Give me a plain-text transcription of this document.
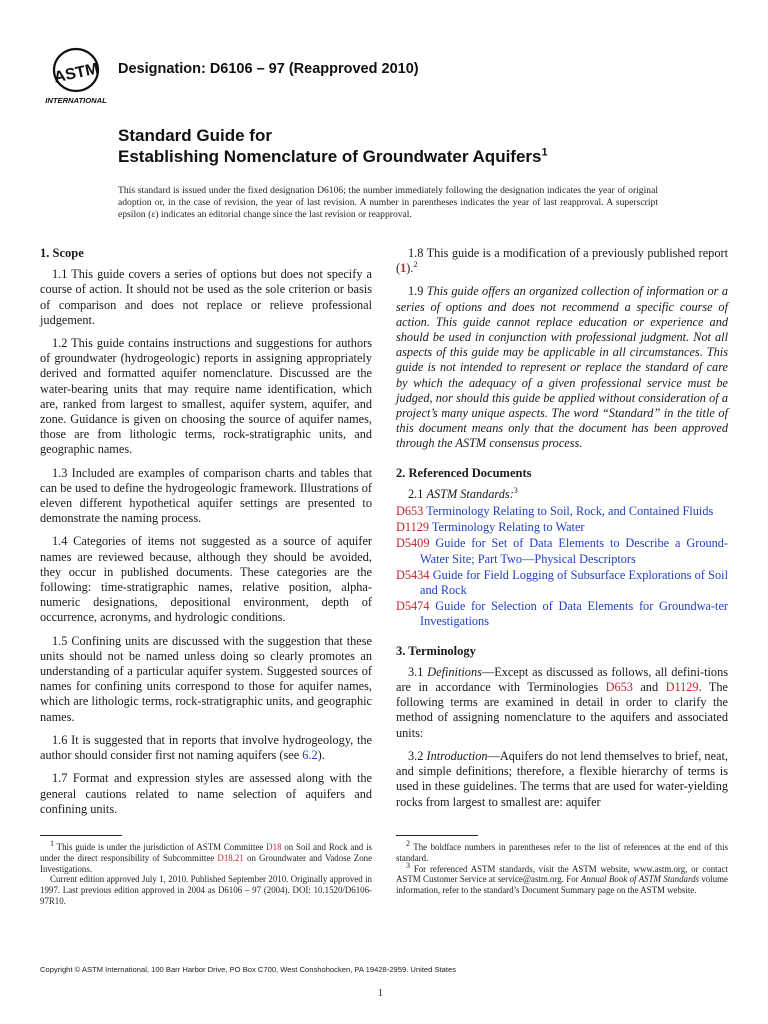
ASTM
INTERNATIONAL
Designation: D6106 – 97 (Reapproved 2010)
Standard Guide for
Establishing Nomenclature of Groundwater Aquifers$^1$
This standard is issued under the fixed designation D6106; the number immediately following the designation indicates the year of original adoption or, in the case of revision, the year of last revision. A number in parentheses indicates the year of last reapproval. A superscript epsilon (ε) indicates an editorial change since the last revision or reapproval.
1. Scope

1.1 This guide covers a series of options but does not specify a course of action. It should not be used as the sole criterion or basis of comparison and does not replace or relieve professional judgement.

1.2 This guide contains instructions and suggestions for authors of groundwater (hydrogeologic) reports in assigning appropriately derived and formatted aquifer nomenclature. Discussed are the water-bearing units that may require name identification, which are, ranked from largest to smallest, aquifer system, aquifer, and zone. Guidance is given on choosing the source of aquifer names, those are from lithologic terms, rock-stratigraphic units, and geographic names.

1.3 Included are examples of comparison charts and tables that can be used to define the hydrogeologic framework. Illustrations of eleven different hypothetical aquifer settings are presented to demonstrate the naming process.

1.4 Categories of items not suggested as a source of aquifer names are reviewed because, although they should be avoided, they occur in published documents. These categories are the following: time-stratigraphic names, relative position, alpha-numeric designations, depositional environment, depth of occurrence, acronyms, and hydrologic conditions.

1.5 Confining units are discussed with the suggestion that these units should not be named unless doing so clearly promotes an understanding of a particular aquifer system. Suggested sources of names for confining units correspond to those for aquifer names, which are lithologic terms, rock-stratigraphic units, and geographic names.

1.6 It is suggested that in reports that involve hydrogeology, the author should consider first not naming aquifers (see 6.2).

1.7 Format and expression styles are assessed along with the general cautions related to name selection of aquifers and confining units.

1.8 This guide is a modification of a previously published report (1).$^2$

1.9 This guide offers an organized collection of information or a series of options and does not recommend a specific course of action. This guide cannot replace education or experience and should be used in conjunction with professional judgment. Not all aspects of this guide may be applicable in all circumstances. This guide is not intended to represent or replace the standard of care by which the adequacy of a given professional service must be judged, nor should this guide be applied without consideration of a project’s many unique aspects. The word “Standard” in the title of this document means only that the document has been approved through the ASTM consensus process.

2. Referenced Documents

2.1 ASTM Standards:$^3$

D653 Terminology Relating to Soil, Rock, and Contained Fluids
D1129 Terminology Relating to Water
D5409 Guide for Set of Data Elements to Describe a Ground-Water Site; Part Two—Physical Descriptors
D5434 Guide for Field Logging of Subsurface Explorations of Soil and Rock
D5474 Guide for Selection of Data Elements for Groundwa-ter Investigations
3. Terminology

3.1 Definitions—Except as discussed as follows, all defini-tions are in accordance with Terminologies D653 and D1129. The following terms are examined in detail in order to clarify the method of assigning nomenclature to the aquifers and associated units:

3.2 Introduction—Aquifers do not lend themselves to brief, neat, and simple definitions; therefore, a flexible hierarchy of terms is used in these guidelines. The terms that are used for water-yielding rocks from largest to smallest are: aquifer

$^1$ This guide is under the jurisdiction of ASTM Committee D18 on Soil and Rock and is under the direct responsibility of Subcommittee D18.21 on Groundwater and Vadose Zone Investigations.

Current edition approved July 1, 2010. Published September 2010. Originally approved in 1997. Last previous edition approved in 2004 as D6106 – 97 (2004). DOI: 10.1520/D6106-97R10.

$^2$ The boldface numbers in parentheses refer to the list of references at the end of this standard.

$^3$ For referenced ASTM standards, visit the ASTM website, www.astm.org, or contact ASTM Customer Service at service@astm.org. For Annual Book of ASTM Standards volume information, refer to the standard’s Document Summary page on the ASTM website.

Copyright © ASTM International, 100 Barr Harbor Drive, PO Box C700, West Conshohocken, PA 19428-2959. United States
1
